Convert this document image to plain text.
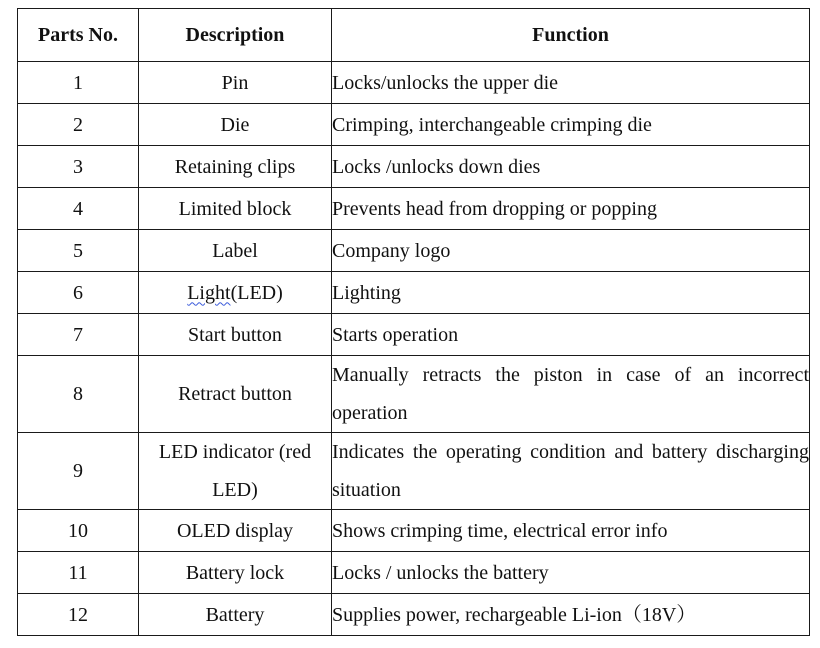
Parts No.	Description	Function
1	Pin	Locks/unlocks the upper die
2	Die	Crimping, interchangeable crimping die
3	Retaining clips	Locks /unlocks down dies
4	Limited block	Prevents head from dropping or popping
5	Label	Company logo
6	Light(LED)	Lighting
7	Start button	Starts operation
8	Retract button	Manually retracts the piston in case of an incorrect operation
9	LED indicator (red LED)	Indicates the operating condition and battery discharging situation
10	OLED display	Shows crimping time, electrical error info
11	Battery lock	Locks / unlocks the battery
12	Battery	Supplies power, rechargeable Li-ion（18V）
